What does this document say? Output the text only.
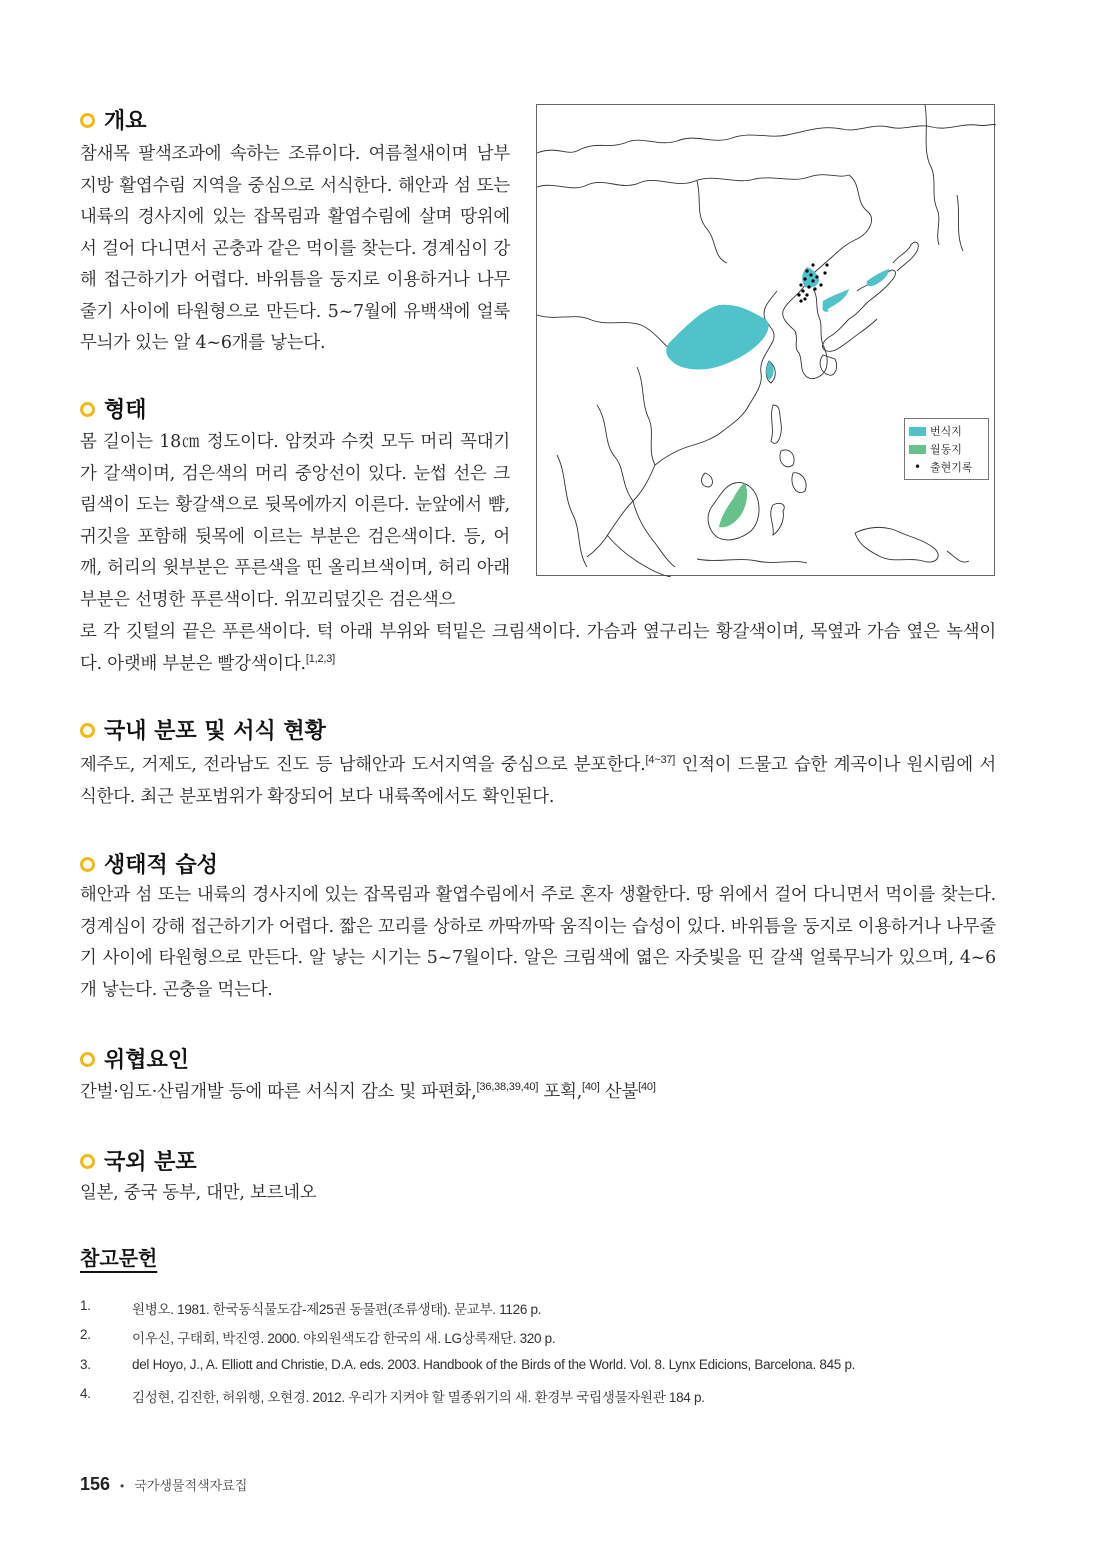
개요
참새목 팔색조과에 속하는 조류이다. 여름철새이며 남부지방 활엽수림 지역을 중심으로 서식한다. 해안과 섬 또는 내륙의 경사지에 있는 잡목림과 활엽수림에 살며 땅위에서 걸어 다니면서 곤충과 같은 먹이를 찾는다. 경계심이 강해 접근하기가 어렵다. 바위틈을 둥지로 이용하거나 나무줄기 사이에 타원형으로 만든다. 5~7월에 유백색에 얼룩무늬가 있는 알 4~6개를 낳는다.
형태
몸 길이는 18㎝ 정도이다. 암컷과 수컷 모두 머리 꼭대기가 갈색이며, 검은색의 머리 중앙선이 있다. 눈썹 선은 크림색이 도는 황갈색으로 뒷목에까지 이른다. 눈앞에서 뺨, 귀깃을 포함해 뒷목에 이르는 부분은 검은색이다. 등, 어깨, 허리의 윗부분은 푸른색을 띤 올리브색이며, 허리 아래 부분은 선명한 푸른색이다. 위꼬리덮깃은 검은색으
로 각 깃털의 끝은 푸른색이다. 턱 아래 부위와 턱밑은 크림색이다. 가슴과 옆구리는 황갈색이며, 목옆과 가슴 옆은 녹색이다. 아랫배 부분은 빨강색이다.[1,2,3]
번식지
월동지
• 출현기록
국내 분포 및 서식 현황
제주도, 거제도, 전라남도 진도 등 남해안과 도서지역을 중심으로 분포한다.[4~37] 인적이 드물고 습한 계곡이나 원시림에 서식한다. 최근 분포범위가 확장되어 보다 내륙쪽에서도 확인된다.
생태적 습성
해안과 섬 또는 내륙의 경사지에 있는 잡목림과 활엽수림에서 주로 혼자 생활한다. 땅 위에서 걸어 다니면서 먹이를 찾는다. 경계심이 강해 접근하기가 어렵다. 짧은 꼬리를 상하로 까딱까딱 움직이는 습성이 있다. 바위틈을 둥지로 이용하거나 나무줄기 사이에 타원형으로 만든다. 알 낳는 시기는 5~7월이다. 알은 크림색에 엷은 자줏빛을 띤 갈색 얼룩무늬가 있으며, 4~6개 낳는다. 곤충을 먹는다.
위협요인
간벌·임도·산림개발 등에 따른 서식지 감소 및 파편화,[36,38,39,40] 포획,[40] 산불[40]
국외 분포
일본, 중국 동부, 대만, 보르네오
참고문헌
1.	원병오. 1981. 한국동식물도감-제25권 동물편(조류생태). 문교부. 1126 p.
2.	이우신, 구태회, 박진영. 2000. 야외원색도감 한국의 새. LG상록재단. 320 p.
3.	del Hoyo, J., A. Elliott and Christie, D.A. eds. 2003. Handbook of the Birds of the World. Vol. 8. Lynx Edicions, Barcelona. 845 p.
4.	김성현, 김진한, 허위행, 오현경. 2012. 우리가 지켜야 할 멸종위기의 새. 환경부 국립생물자원관 184 p.
156 • 국가생물적색자료집
